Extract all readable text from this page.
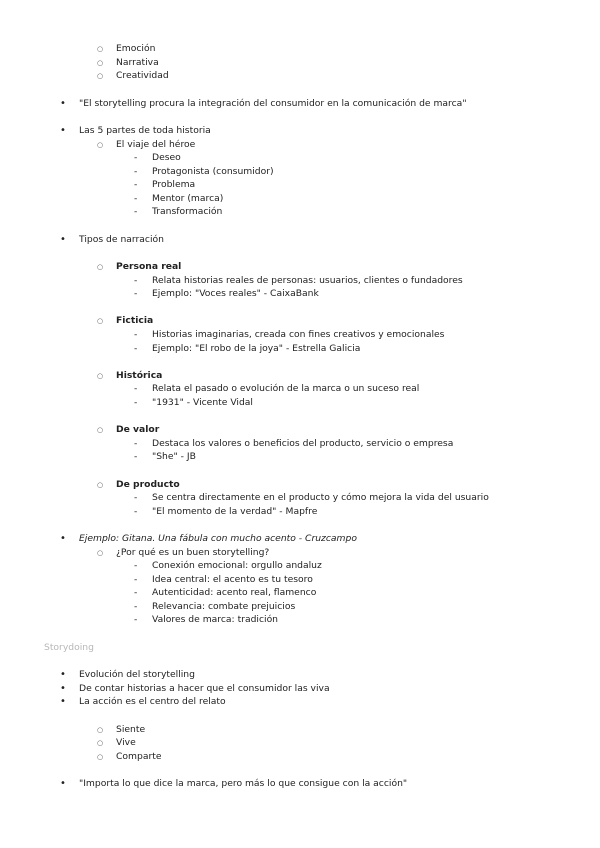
○ Emoción
○ Narrativa
○ Creatividad
•
"El storytelling procura la integración del consumidor en la comunicación de marca"
•
Las 5 partes de toda historia
○ El viaje del héroe
- Deseo
- Protagonista (consumidor)
- Problema
- Mentor (marca)
- Transformación
•
Tipos de narración
○ Persona real
- Relata historias reales de personas: usuarios, clientes o fundadores
- Ejemplo: "Voces reales" - CaixaBank
○ Ficticia
- Historias imaginarias, creada con fines creativos y emocionales
- Ejemplo: "El robo de la joya" - Estrella Galicia
○ Histórica
- Relata el pasado o evolución de la marca o un suceso real
- "1931" - Vicente Vidal
○ De valor
- Destaca los valores o beneficios del producto, servicio o empresa
- "She" - JB
○ De producto
- Se centra directamente en el producto y cómo mejora la vida del usuario
- "El momento de la verdad" - Mapfre
•
Ejemplo: Gitana. Una fábula con mucho acento - Cruzcampo
○ ¿Por qué es un buen storytelling?
- Conexión emocional: orgullo andaluz
- Idea central: el acento es tu tesoro
- Autenticidad: acento real, flamenco
- Relevancia: combate prejuicios
- Valores de marca: tradición
Storydoing
•
Evolución del storytelling
•
De contar historias a hacer que el consumidor las viva
•
La acción es el centro del relato
○ Siente
○ Vive
○ Comparte
•
"Importa lo que dice la marca, pero más lo que consigue con la acción"
